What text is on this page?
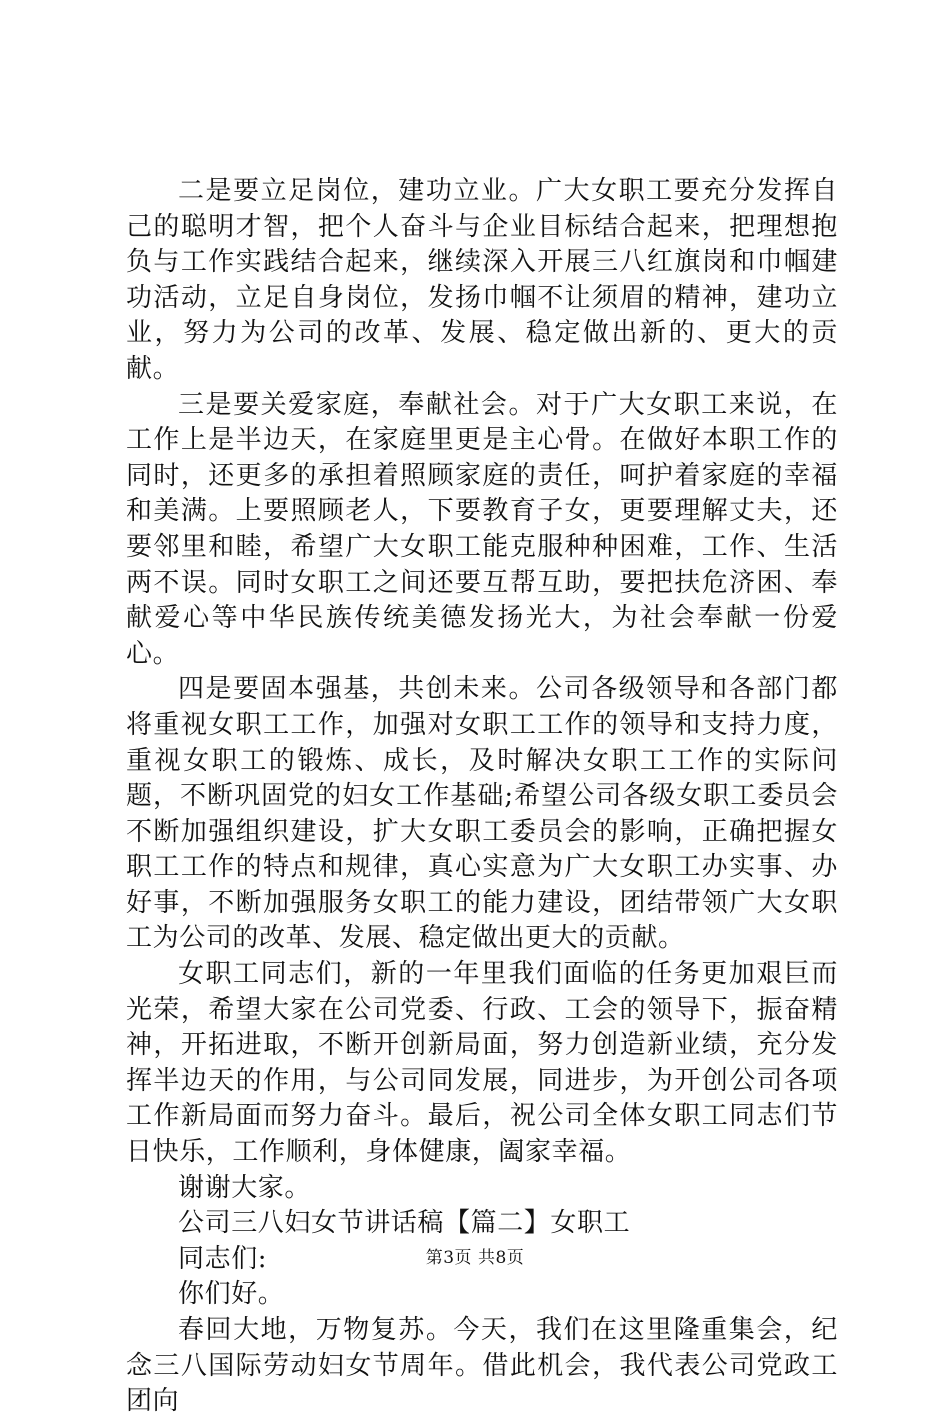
二是要立足岗位，建功立业。广大女职工要充分发挥自己的聪明才智，把个人奋斗与企业目标结合起来，把理想抱负与工作实践结合起来，继续深入开展三八红旗岗和巾帼建功活动，立足自身岗位，发扬巾帼不让须眉的精神，建功立业，努力为公司的改革、发展、稳定做出新的、更大的贡献。

三是要关爱家庭，奉献社会。对于广大女职工来说，在工作上是半边天，在家庭里更是主心骨。在做好本职工作的同时，还更多的承担着照顾家庭的责任，呵护着家庭的幸福和美满。上要照顾老人，下要教育子女，更要理解丈夫，还要邻里和睦，希望广大女职工能克服种种困难，工作、生活两不误。同时女职工之间还要互帮互助，要把扶危济困、奉献爱心等中华民族传统美德发扬光大，为社会奉献一份爱心。

四是要固本强基，共创未来。公司各级领导和各部门都将重视女职工工作，加强对女职工工作的领导和支持力度，重视女职工的锻炼、成长，及时解决女职工工作的实际问题，不断巩固党的妇女工作基础;希望公司各级女职工委员会不断加强组织建设，扩大女职工委员会的影响，正确把握女职工工作的特点和规律，真心实意为广大女职工办实事、办好事，不断加强服务女职工的能力建设，团结带领广大女职工为公司的改革、发展、稳定做出更大的贡献。

女职工同志们，新的一年里我们面临的任务更加艰巨而光荣，希望大家在公司党委、行政、工会的领导下，振奋精神，开拓进取，不断开创新局面，努力创造新业绩，充分发挥半边天的作用，与公司同发展，同进步，为开创公司各项工作新局面而努力奋斗。最后，祝公司全体女职工同志们节日快乐，工作顺利，身体健康，阖家幸福。

谢谢大家。

公司三八妇女节讲话稿【篇二】女职工

同志们:

你们好。

春回大地，万物复苏。今天，我们在这里隆重集会，纪念三八国际劳动妇女节周年。借此机会，我代表公司党政工团向

第3页 共8页
